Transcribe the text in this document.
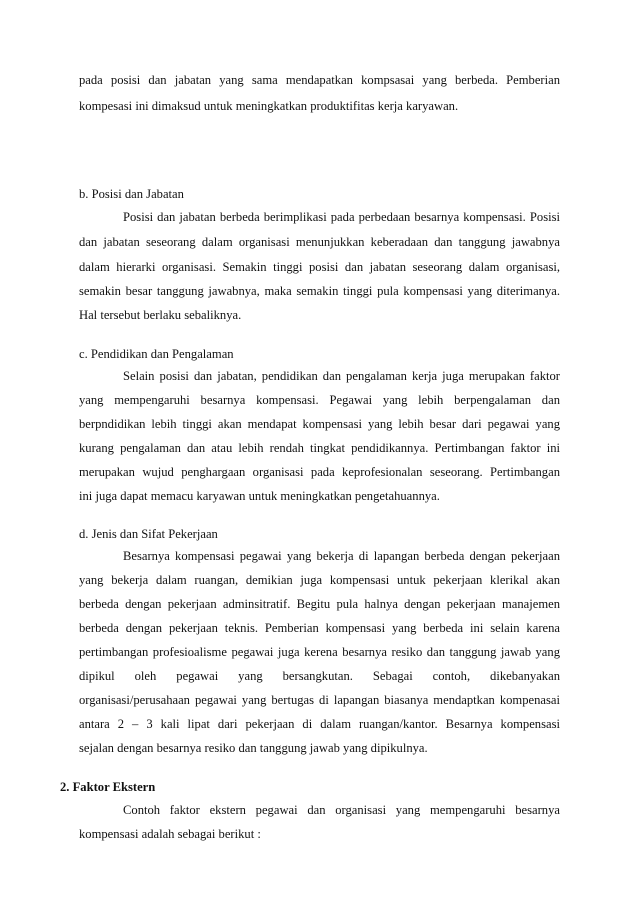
pada posisi dan jabatan yang sama mendapatkan kompsasai yang berbeda. Pemberian
kompesasi ini dimaksud untuk meningkatkan produktifitas kerja karyawan.
b. Posisi dan Jabatan
Posisi dan jabatan berbeda berimplikasi pada perbedaan besarnya kompensasi. Posisi
dan jabatan seseorang dalam organisasi menunjukkan keberadaan dan tanggung jawabnya
dalam hierarki organisasi. Semakin tinggi posisi dan jabatan seseorang dalam organisasi,
semakin besar tanggung jawabnya, maka semakin tinggi pula kompensasi yang diterimanya.
Hal tersebut berlaku sebaliknya.
c. Pendidikan dan Pengalaman
Selain posisi dan jabatan, pendidikan dan pengalaman kerja juga merupakan faktor
yang mempengaruhi besarnya kompensasi. Pegawai yang lebih berpengalaman dan
berpndidikan lebih tinggi akan mendapat kompensasi yang lebih besar dari pegawai yang
kurang pengalaman dan atau lebih rendah tingkat pendidikannya. Pertimbangan faktor ini
merupakan wujud penghargaan organisasi pada keprofesionalan seseorang. Pertimbangan
ini juga dapat memacu karyawan untuk meningkatkan pengetahuannya.
d. Jenis dan Sifat Pekerjaan
Besarnya kompensasi pegawai yang bekerja di lapangan berbeda dengan pekerjaan
yang bekerja dalam ruangan, demikian juga kompensasi untuk pekerjaan klerikal akan
berbeda dengan pekerjaan adminsitratif. Begitu pula halnya dengan pekerjaan manajemen
berbeda dengan pekerjaan teknis. Pemberian kompensasi yang berbeda ini selain karena
pertimbangan profesioalisme pegawai juga kerena besarnya resiko dan tanggung jawab yang
dipikul oleh pegawai yang bersangkutan. Sebagai contoh, dikebanyakan
organisasi/perusahaan pegawai yang bertugas di lapangan biasanya mendaptkan kompenasai
antara 2 – 3 kali lipat dari pekerjaan di dalam ruangan/kantor. Besarnya kompensasi
sejalan dengan besarnya resiko dan tanggung jawab yang dipikulnya.
2. Faktor Ekstern
Contoh faktor ekstern pegawai dan organisasi yang mempengaruhi besarnya
kompensasi adalah sebagai berikut :
